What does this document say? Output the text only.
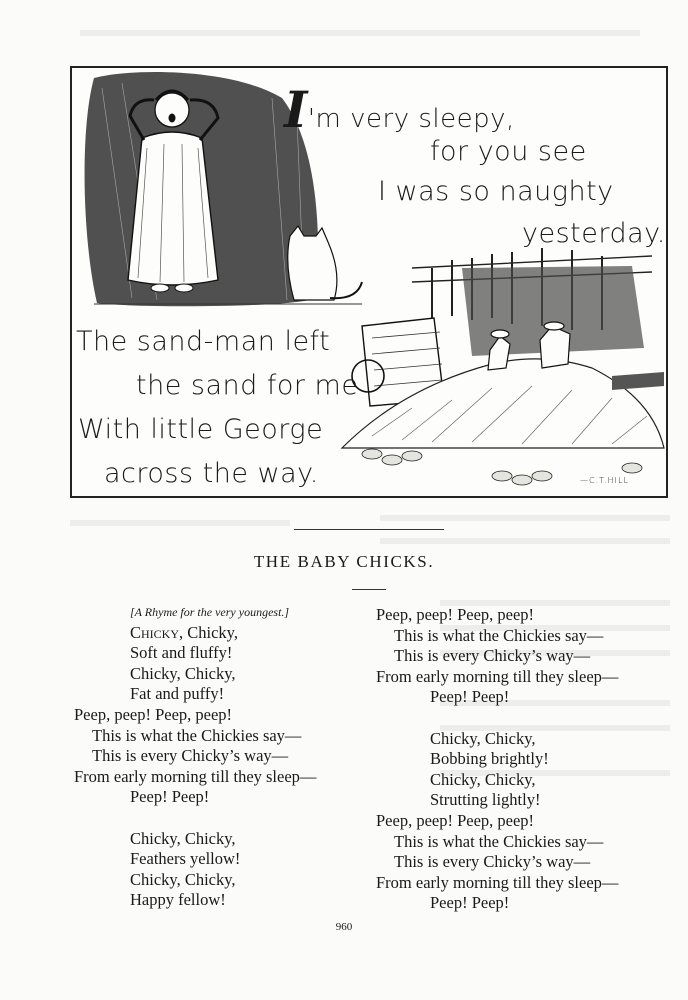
I'm very sleepy,
for you see
I was so naughty
yesterday.
The sand-man left
the sand for me
With little George
across the way.	—C.T.HILL
THE BABY CHICKS.
[A Rhyme for the very youngest.]
Chicky, Chicky,
Soft and fluffy!
Chicky, Chicky,
Fat and puffy!
Peep, peep! Peep, peep!
This is what the Chickies say—
This is every Chicky’s way—
From early morning till they sleep—
Peep! Peep!
Chicky, Chicky,
Feathers yellow!
Chicky, Chicky,
Happy fellow!
Peep, peep! Peep, peep!
This is what the Chickies say—
This is every Chicky’s way—
From early morning till they sleep—
Peep! Peep!
Chicky, Chicky,
Bobbing brightly!
Chicky, Chicky,
Strutting lightly!
Peep, peep! Peep, peep!
This is what the Chickies say—
This is every Chicky’s way—
From early morning till they sleep—
Peep! Peep!
960
